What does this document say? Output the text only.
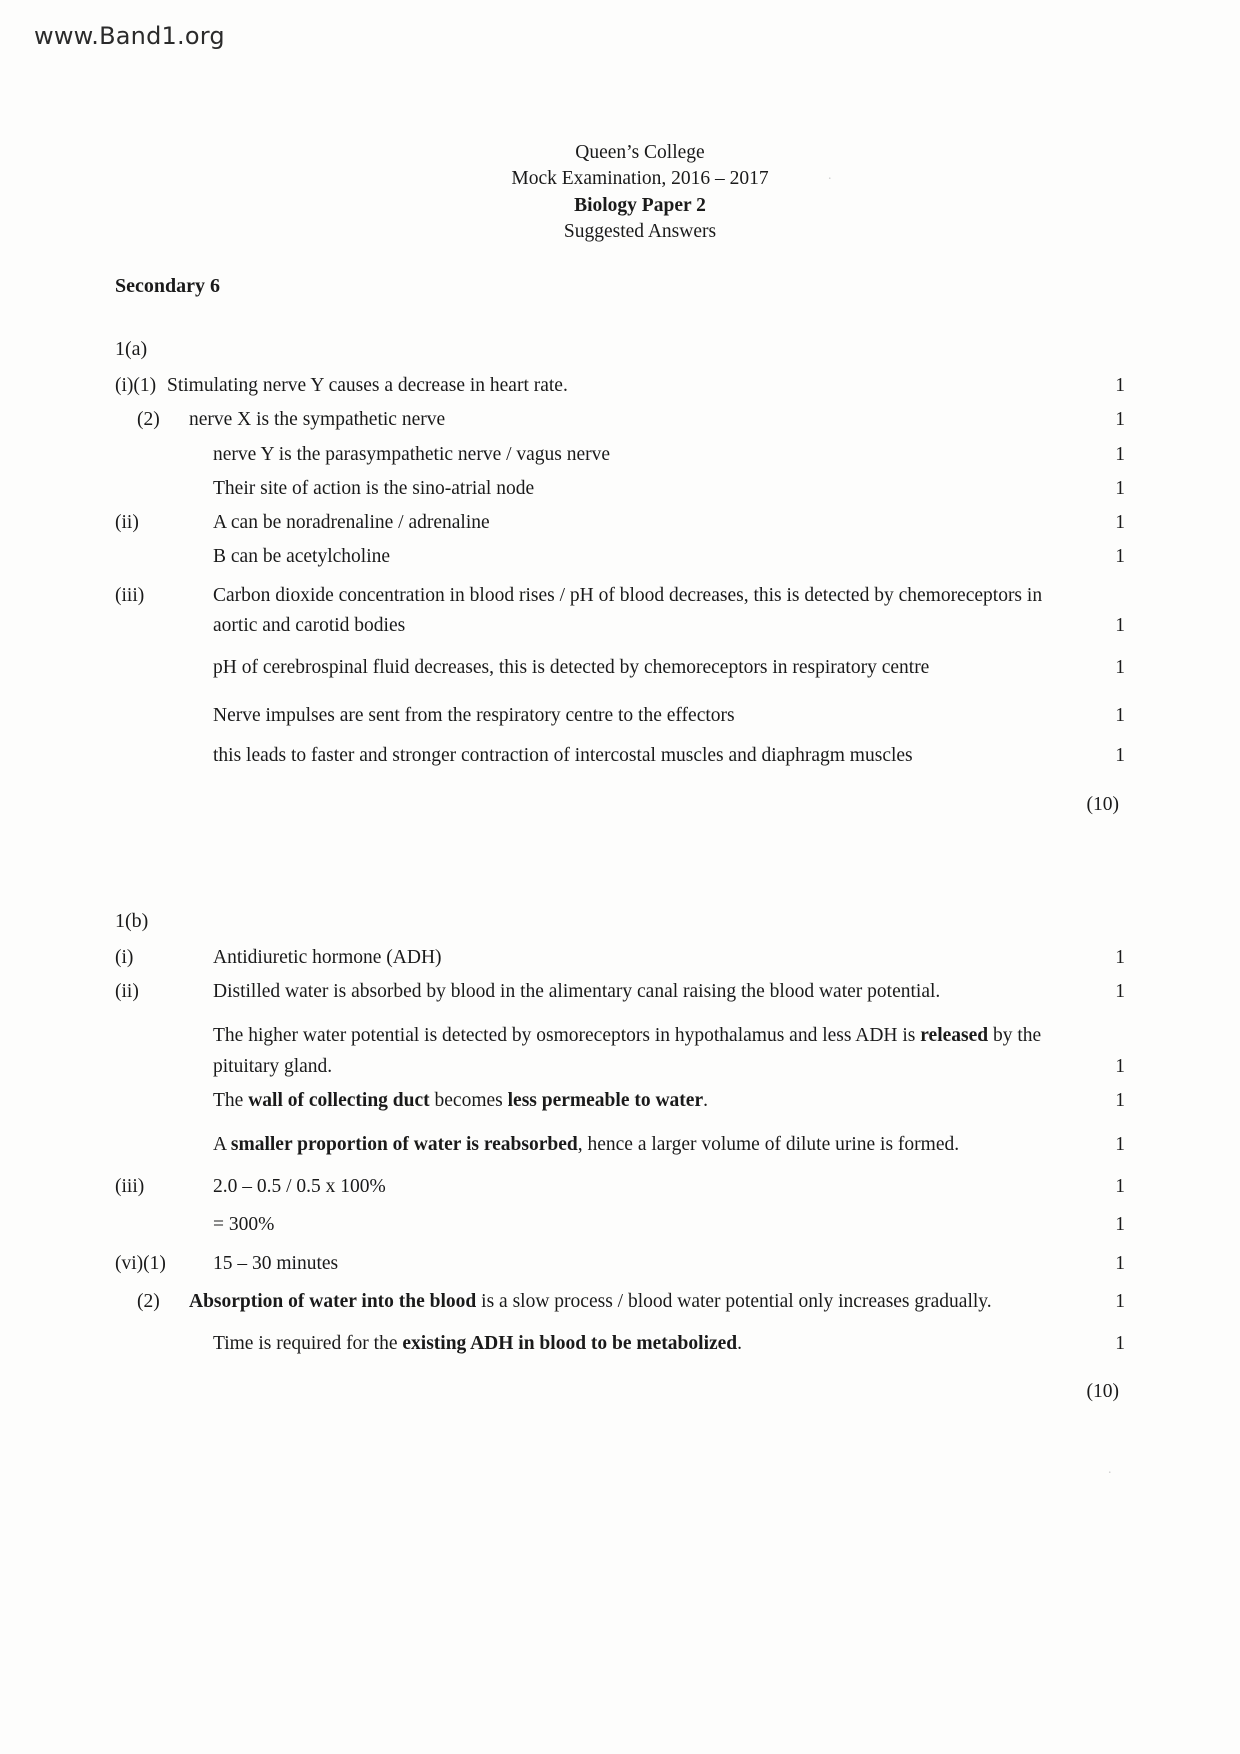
www.Band1.org
Queen’s College
Mock Examination, 2016 – 2017
Biology Paper 2
Suggested Answers
Secondary 6
1(a)
(i)(1) Stimulating nerve Y causes a decrease in heart rate.	1
(2)	nerve X is the sympathetic nerve	1
nerve Y is the parasympathetic nerve / vagus nerve	1
Their site of action is the sino-atrial node	1
(ii)	A can be noradrenaline / adrenaline	1
B can be acetylcholine	1
(iii)	Carbon dioxide concentration in blood rises / pH of blood decreases, this is detected by chemoreceptors in aortic and carotid bodies	1
pH of cerebrospinal fluid decreases, this is detected by chemoreceptors in respiratory centre	1
Nerve impulses are sent from the respiratory centre to the effectors	1
this leads to faster and stronger contraction of intercostal muscles and diaphragm muscles	1
(10)
1(b)
(i)	Antidiuretic hormone (ADH)	1
(ii)	Distilled water is absorbed by blood in the alimentary canal raising the blood water potential.	1
The higher water potential is detected by osmoreceptors in hypothalamus and less ADH is released by the pituitary gland.	1
The wall of collecting duct becomes less permeable to water.	1
A smaller proportion of water is reabsorbed, hence a larger volume of dilute urine is formed.	1
(iii)	2.0 – 0.5 / 0.5 x 100%	1
= 300%	1
(vi)(1)	15 – 30 minutes	1
(2)	Absorption of water into the blood is a slow process / blood water potential only increases gradually.	1
Time is required for the existing ADH in blood to be metabolized.	1
(10)
.
.
